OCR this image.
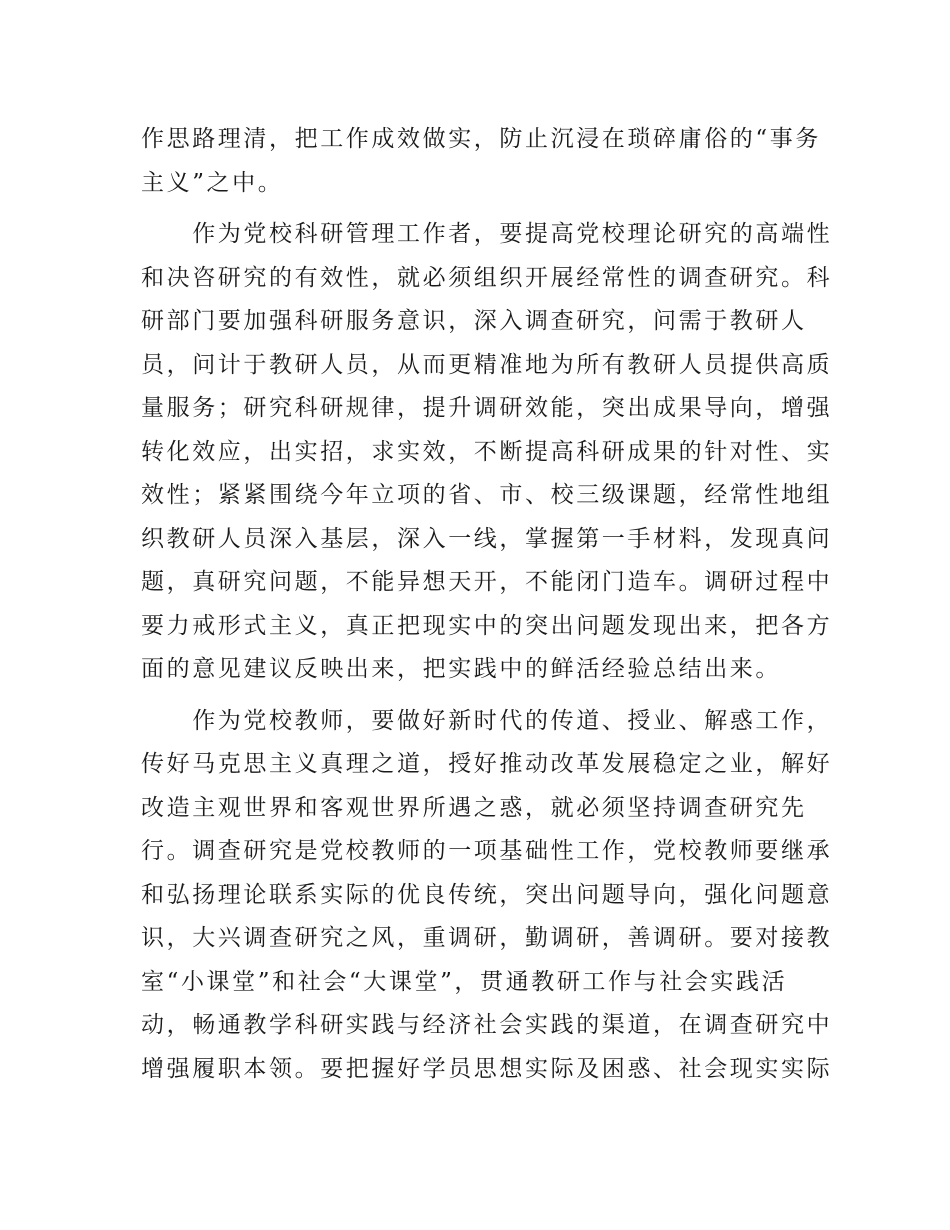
作思路理清，把工作成效做实，防止沉浸在琐碎庸俗的“事务
主义”之中。
　　作为党校科研管理工作者，要提高党校理论研究的高端性
和决咨研究的有效性，就必须组织开展经常性的调查研究。科
研部门要加强科研服务意识，深入调查研究，问需于教研人
员，问计于教研人员，从而更精准地为所有教研人员提供高质
量服务；研究科研规律，提升调研效能，突出成果导向，增强
转化效应，出实招，求实效，不断提高科研成果的针对性、实
效性；紧紧围绕今年立项的省、市、校三级课题，经常性地组
织教研人员深入基层，深入一线，掌握第一手材料，发现真问
题，真研究问题，不能异想天开，不能闭门造车。调研过程中
要力戒形式主义，真正把现实中的突出问题发现出来，把各方
面的意见建议反映出来，把实践中的鲜活经验总结出来。
　　作为党校教师，要做好新时代的传道、授业、解惑工作，
传好马克思主义真理之道，授好推动改革发展稳定之业，解好
改造主观世界和客观世界所遇之惑，就必须坚持调查研究先
行。调查研究是党校教师的一项基础性工作，党校教师要继承
和弘扬理论联系实际的优良传统，突出问题导向，强化问题意
识，大兴调查研究之风，重调研，勤调研，善调研。要对接教
室“小课堂”和社会“大课堂”，贯通教研工作与社会实践活
动，畅通教学科研实践与经济社会实践的渠道，在调查研究中
增强履职本领。要把握好学员思想实际及困惑、社会现实实际
